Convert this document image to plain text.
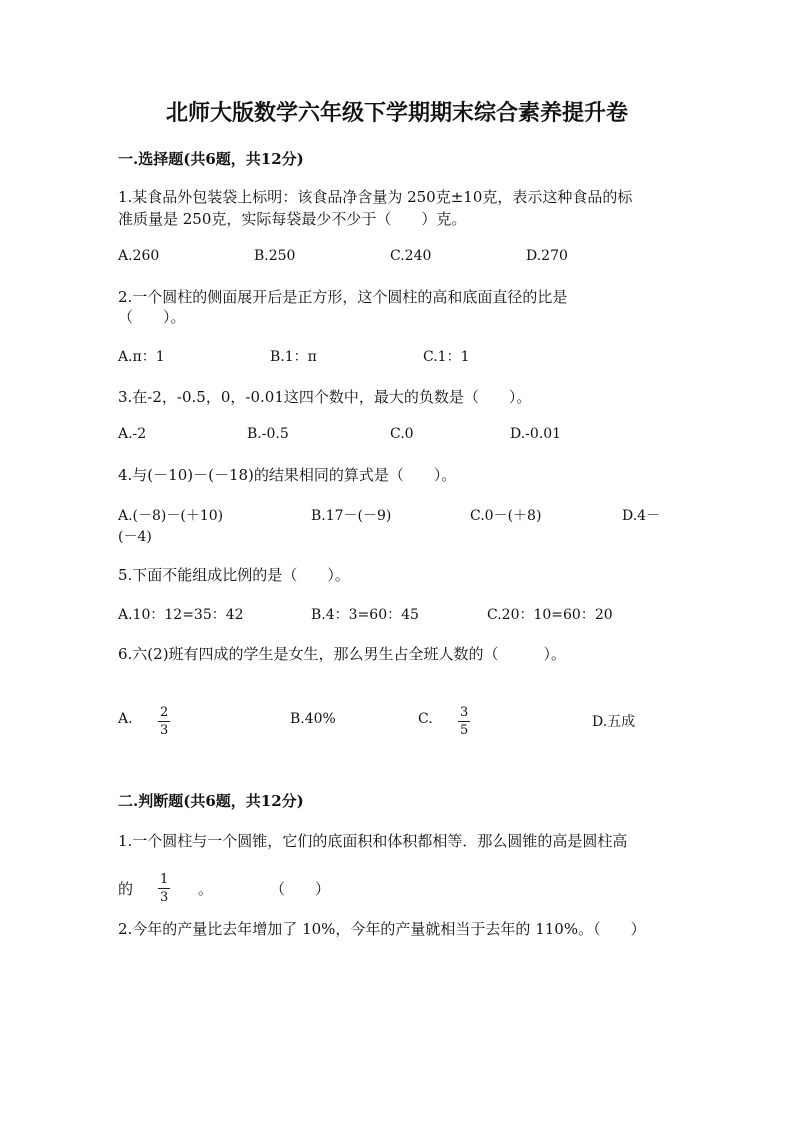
北师大版数学六年级下学期期末综合素养提升卷
一.选择题(共6题，共12分)
1.某食品外包装袋上标明：该食品净含量为 250克±10克，表示这种食品的标
准质量是 250克，实际每袋最少不少于（　　）克。
A.260	B.250	C.240	D.270
2.一个圆柱的侧面展开后是正方形，这个圆柱的高和底面直径的比是
（　　）。
A.π：1	B.1：π	C.1：1
3.在-2，-0.5，0，-0.01这四个数中，最大的负数是（　　）。
A.-2	B.-0.5	C.0	D.-0.01
4.与(－10)－(－18)的结果相同的算式是（　　）。
A.(－8)－(＋10)	B.17－(－9)	C.0－(＋8)	D.4－
(－4)
5.下面不能组成比例的是（　　）。
A.10：12=35：42	B.4：3=60：45	C.20：10=60：20
6.六(2)班有四成的学生是女生，那么男生占全班人数的（　　　）。
A. 2
3
B.40%	C. 3
5
D.五成
二.判断题(共6题，共12分)
1.一个圆柱与一个圆锥，它们的底面积和体积都相等．那么圆锥的高是圆柱高
的
1
3 。	（　　）
2.今年的产量比去年增加了 10%，今年的产量就相当于去年的 110%。（　　）
